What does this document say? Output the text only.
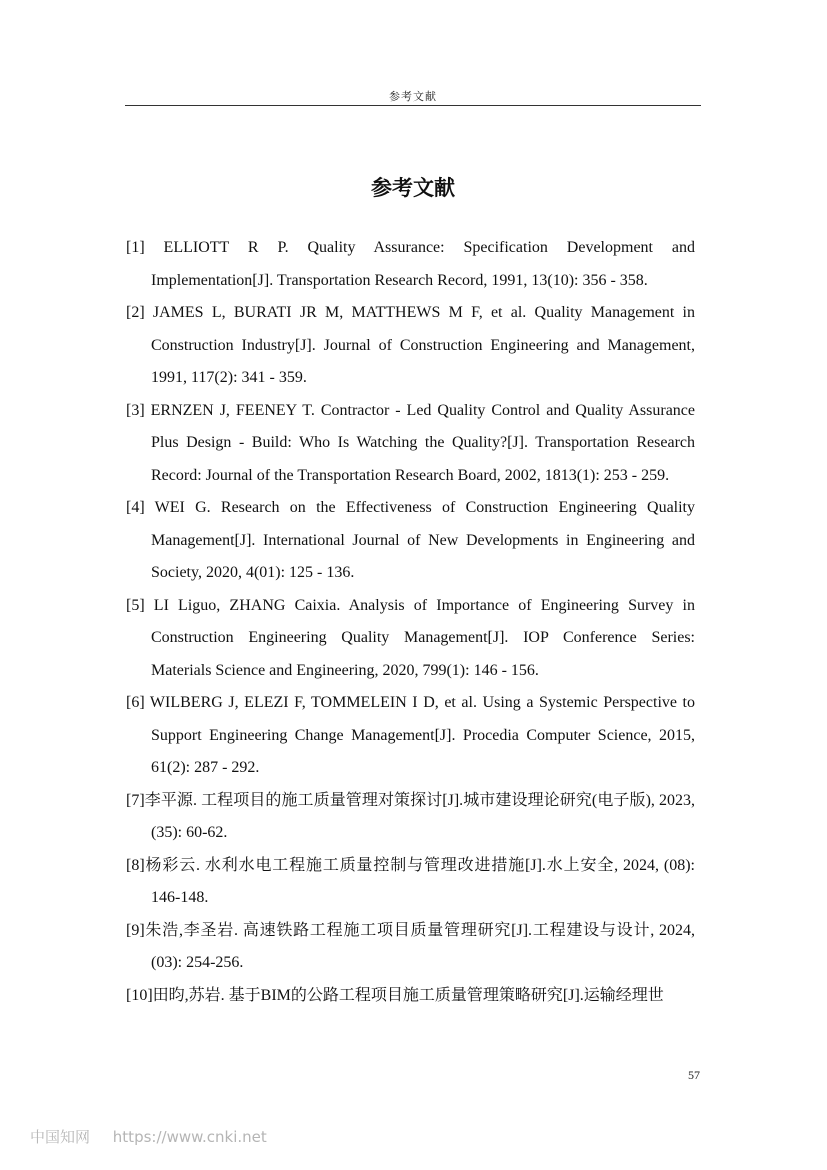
参考文献
参考文献
[1] ELLIOTT R P. Quality Assurance: Specification Development and Implementation[J]. Transportation Research Record, 1991, 13(10): 356 - 358.
[2] JAMES L, BURATI JR M, MATTHEWS M F, et al. Quality Management in Construction Industry[J]. Journal of Construction Engineering and Management, 1991, 117(2): 341 - 359.
[3] ERNZEN J, FEENEY T. Contractor - Led Quality Control and Quality Assurance Plus Design - Build: Who Is Watching the Quality?[J]. Transportation Research Record: Journal of the Transportation Research Board, 2002, 1813(1): 253 - 259.
[4] WEI G. Research on the Effectiveness of Construction Engineering Quality Management[J]. International Journal of New Developments in Engineering and Society, 2020, 4(01): 125 - 136.
[5] LI Liguo, ZHANG Caixia. Analysis of Importance of Engineering Survey in Construction Engineering Quality Management[J]. IOP Conference Series: Materials Science and Engineering, 2020, 799(1): 146 - 156.
[6] WILBERG J, ELEZI F, TOMMELEIN I D, et al. Using a Systemic Perspective to Support Engineering Change Management[J]. Procedia Computer Science, 2015, 61(2): 287 - 292.
[7]李平源. 工程项目的施工质量管理对策探讨[J].城市建设理论研究(电子版), 2023, (35): 60-62.
[8]杨彩云. 水利水电工程施工质量控制与管理改进措施[J].水上安全, 2024, (08): 146-148.
[9]朱浩,李圣岩. 高速铁路工程施工项目质量管理研究[J].工程建设与设计, 2024, (03): 254-256.
[10]田昀,苏岩. 基于BIM的公路工程项目施工质量管理策略研究[J].运输经理世
57
中国知网 https://www.cnki.net
